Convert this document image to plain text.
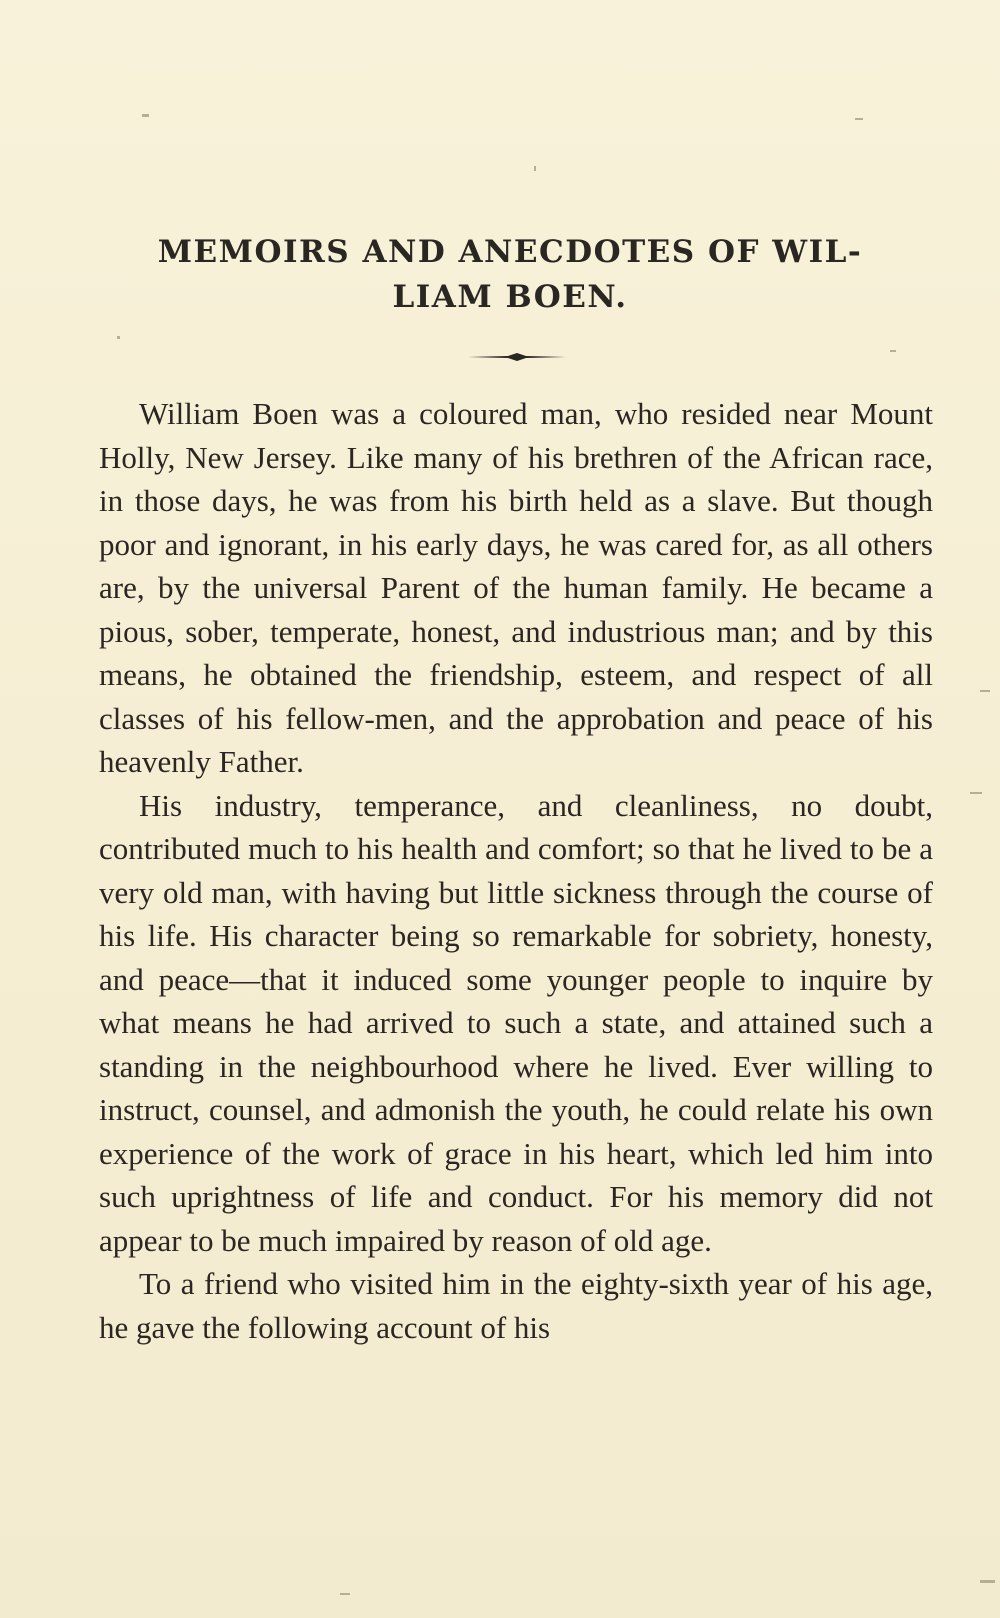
MEMOIRS AND ANECDOTES OF WIL-
LIAM BOEN.

William Boen was a coloured man, who resided near Mount Holly, New Jersey. Like many of his brethren of the African race, in those days, he was from his birth held as a slave. But though poor and ignorant, in his early days, he was cared for, as all others are, by the universal Parent of the human family. He became a pious, sober, temperate, honest, and industrious man; and by this means, he obtained the friendship, esteem, and respect of all classes of his fellow-men, and the approbation and peace of his heavenly Father.

His industry, temperance, and cleanliness, no doubt, contributed much to his health and comfort; so that he lived to be a very old man, with having but little sickness through the course of his life. His character being so remarkable for sobriety, honesty, and peace—that it induced some younger people to inquire by what means he had arrived to such a state, and attained such a standing in the neighbourhood where he lived. Ever willing to instruct, counsel, and admonish the youth, he could relate his own experience of the work of grace in his heart, which led him into such uprightness of life and conduct. For his memory did not appear to be much impaired by reason of old age.

To a friend who visited him in the eighty-sixth year of his age, he gave the following account of his
